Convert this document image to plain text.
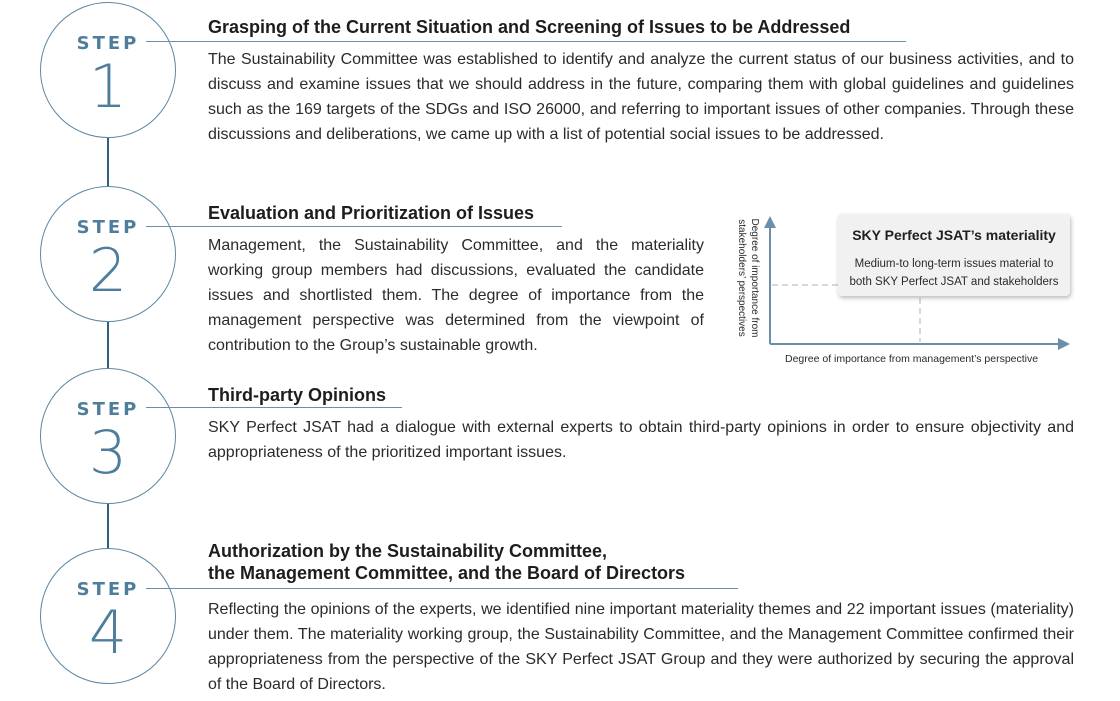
STEP
1
Grasping of the Current Situation and Screening of Issues to be Addressed
The Sustainability Committee was established to identify and analyze the current status of our business activities, and to discuss and examine issues that we should address in the future, comparing them with global guidelines and guidelines such as the 169 targets of the SDGs and ISO 26000, and referring to important issues of other companies. Through these discussions and deliberations, we came up with a list of potential social issues to be addressed.
STEP
2
Evaluation and Prioritization of Issues
Management, the Sustainability Committee, and the materiality working group members had discussions, evaluated the candidate issues and shortlisted them. The degree of importance from the management perspective was determined from the viewpoint of contribution to the Group’s sustainable growth.
SKY Perfect JSAT’s materiality
Medium-to long-term issues material to
both SKY Perfect JSAT and stakeholders
Degree of importance from stakeholders’ perspectives
Degree of importance from management’s perspective
STEP
3
Third-party Opinions
SKY Perfect JSAT had a dialogue with external experts to obtain third-party opinions in order to ensure objectivity and appropriateness of the prioritized important issues.
STEP
4
Authorization by the Sustainability Committee,
the Management Committee, and the Board of Directors
Reflecting the opinions of the experts, we identified nine important materiality themes and 22 important issues (materiality) under them. The materiality working group, the Sustainability Committee, and the Management Committee confirmed their appropriateness from the perspective of the SKY Perfect JSAT Group and they were authorized by securing the approval of the Board of Directors.
